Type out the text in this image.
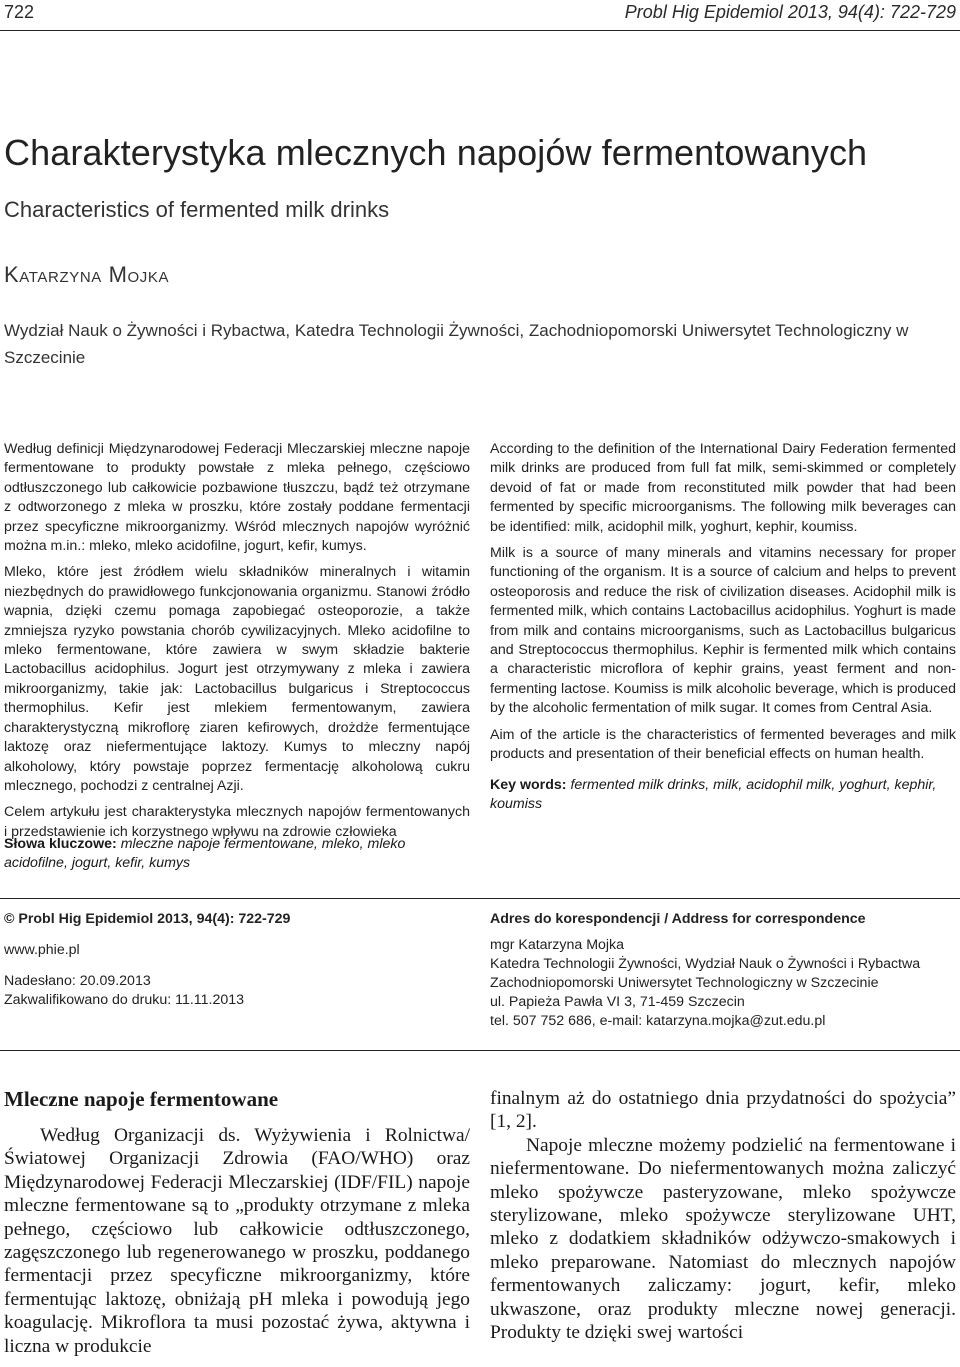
722	Probl Hig Epidemiol 2013, 94(4): 722-729
Charakterystyka mlecznych napojów fermentowanych
Characteristics of fermented milk drinks
Katarzyna Mojka
Wydział Nauk o Żywności i Rybactwa, Katedra Technologii Żywności, Zachodniopomorski Uniwersytet Technologiczny w Szczecinie

Według definicji Międzynarodowej Federacji Mleczarskiej mleczne napoje fermentowane to produkty powstałe z mleka pełnego, częściowo odtłuszczonego lub całkowicie pozbawione tłuszczu, bądź też otrzymane z odtworzonego z mleka w proszku, które zostały poddane fermentacji przez specyficzne mikroorganizmy. Wśród mlecznych napojów wyróżnić można m.in.: mleko, mleko acidofilne, jogurt, kefir, kumys.

Mleko, które jest źródłem wielu składników mineralnych i witamin niezbędnych do prawidłowego funkcjonowania organizmu. Stanowi źródło wapnia, dzięki czemu pomaga zapobiegać osteoporozie, a także zmniejsza ryzyko powstania chorób cywilizacyjnych. Mleko acidofilne to mleko fermentowane, które zawiera w swym składzie bakterie Lactobacillus acidophilus. Jogurt jest otrzymywany z mleka i zawiera mikroorganizmy, takie jak: Lactobacillus bulgaricus i Streptococcus thermophilus. Kefir jest mlekiem fermentowanym, zawiera charakterystyczną mikroflorę ziaren kefirowych, drożdże fermentujące laktozę oraz niefermentujące laktozy. Kumys to mleczny napój alkoholowy, który powstaje poprzez fermentację alkoholową cukru mlecznego, pochodzi z centralnej Azji.

Celem artykułu jest charakterystyka mlecznych napojów fermentowanych i przedstawienie ich korzystnego wpływu na zdrowie człowieka

Słowa kluczowe: mleczne napoje fermentowane, mleko, mleko acidofilne, jogurt, kefir, kumys

According to the definition of the International Dairy Federation fermented milk drinks are produced from full fat milk, semi-skimmed or completely devoid of fat or made from reconstituted milk powder that had been fermented by specific microorganisms. The following milk beverages can be identified: milk, acidophil milk, yoghurt, kephir, koumiss.

Milk is a source of many minerals and vitamins necessary for proper functioning of the organism. It is a source of calcium and helps to prevent osteoporosis and reduce the risk of civilization diseases. Acidophil milk is fermented milk, which contains Lactobacillus acidophilus. Yoghurt is made from milk and contains microorganisms, such as Lactobacillus bulgaricus and Streptococcus thermophilus. Kephir is fermented milk which contains a characteristic microflora of kephir grains, yeast ferment and non-fermenting lactose. Koumiss is milk alcoholic beverage, which is produced by the alcoholic fermentation of milk sugar. It comes from Central Asia.

Aim of the article is the characteristics of fermented beverages and milk products and presentation of their beneficial effects on human health.

Key words: fermented milk drinks, milk, acidophil milk, yoghurt, kephir, koumiss
© Probl Hig Epidemiol 2013, 94(4): 722-729
www.phie.pl
Nadesłano: 20.09.2013
Zakwalifikowano do druku: 11.11.2013
Adres do korespondencji / Address for correspondence
mgr Katarzyna Mojka
Katedra Technologii Żywności, Wydział Nauk o Żywności i Rybactwa
Zachodniopomorski Uniwersytet Technologiczny w Szczecinie
ul. Papieża Pawła VI 3, 71-459 Szczecin
tel. 507 752 686, e-mail: katarzyna.mojka@zut.edu.pl
Mleczne napoje fermentowane

Według Organizacji ds. Wyżywienia i Rolnictwa/Światowej Organizacji Zdrowia (FAO/WHO) oraz Międzynarodowej Federacji Mleczarskiej (IDF/FIL) napoje mleczne fermentowane są to „produkty otrzymane z mleka pełnego, częściowo lub całkowicie odtłuszczonego, zagęszczonego lub regenerowanego w proszku, poddanego fermentacji przez specyficzne mikroorganizmy, które fermentując laktozę, obniżają pH mleka i powodują jego koagulację. Mikroflora ta musi pozostać żywa, aktywna i liczna w produkcie

finalnym aż do ostatniego dnia przydatności do spożycia” [1, 2].

Napoje mleczne możemy podzielić na fermentowane i niefermentowane. Do niefermentowanych można zaliczyć mleko spożywcze pasteryzowane, mleko spożywcze sterylizowane, mleko spożywcze sterylizowane UHT, mleko z dodatkiem składników odżywczo-smakowych i mleko preparowane. Natomiast do mlecznych napojów fermentowanych zaliczamy: jogurt, kefir, mleko ukwaszone, oraz produkty mleczne nowej generacji. Produkty te dzięki swej wartości
